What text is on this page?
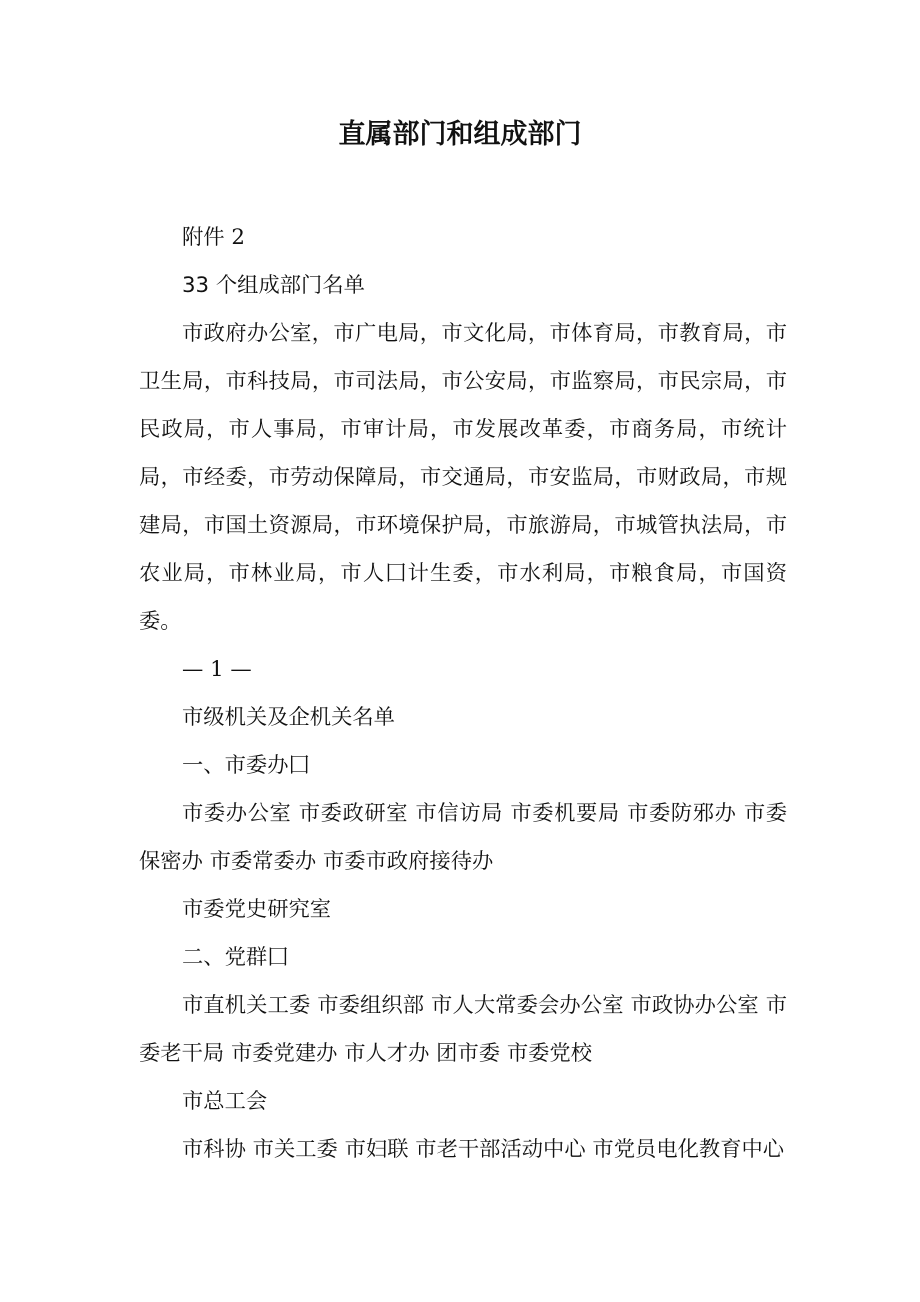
直属部门和组成部门

附件 2

33 个组成部门名单

市政府办公室，市广电局，市文化局，市体育局，市教育局，市卫生局，市科技局，市司法局，市公安局，市监察局，市民宗局，市民政局，市人事局，市审计局，市发展改革委，市商务局，市统计局，市经委，市劳动保障局，市交通局，市安监局，市财政局，市规建局，市国土资源局，市环境保护局，市旅游局，市城管执法局，市农业局，市林业局，市人囗计生委，市水利局，市粮食局，市国资委。

— 1 —

市级机关及企机关名单

一、市委办囗

市委办公室 市委政研室 市信访局 市委机要局 市委防邪办 市委保密办 市委常委办 市委市政府接待办

市委党史研究室

二、党群囗

市直机关工委 市委组织部 市人大常委会办公室 市政协办公室 市委老干局 市委党建办 市人才办 团市委 市委党校

市总工会

市科协 市关工委 市妇联 市老干部活动中心 市党员电化教育中心
